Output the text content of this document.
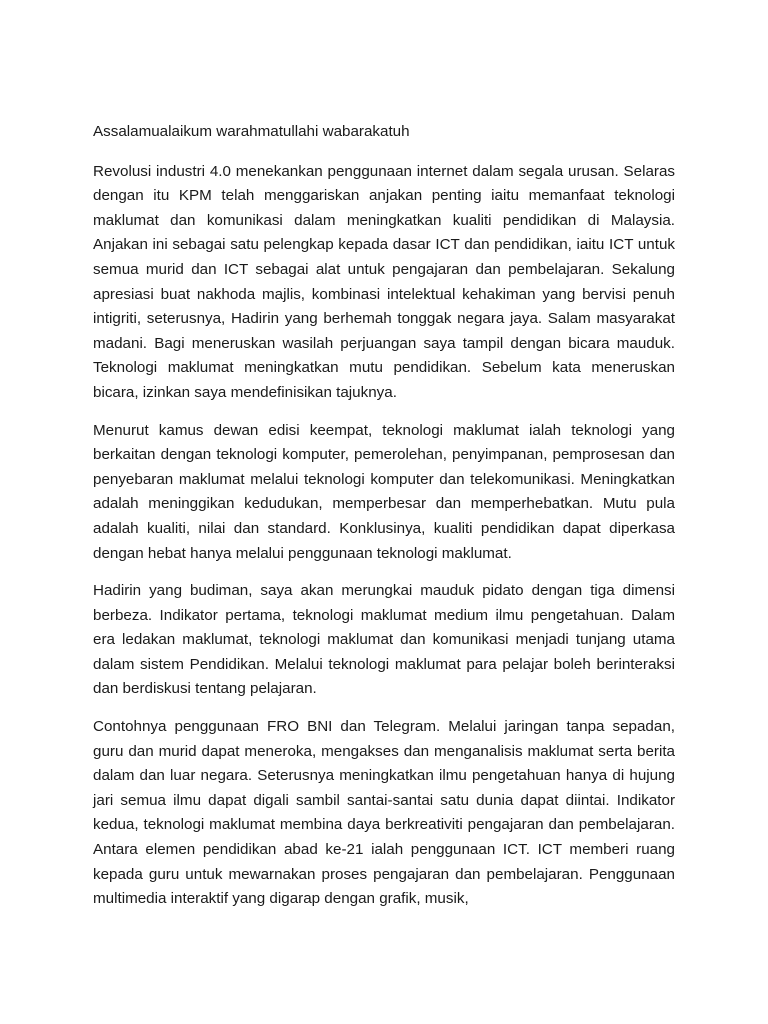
Assalamualaikum warahmatullahi wabarakatuh

Revolusi industri 4.0 menekankan penggunaan internet dalam segala urusan. Selaras dengan itu KPM telah menggariskan anjakan penting iaitu memanfaat teknologi maklumat dan komunikasi dalam meningkatkan kualiti pendidikan di Malaysia. Anjakan ini sebagai satu pelengkap kepada dasar ICT dan pendidikan, iaitu ICT untuk semua murid dan ICT sebagai alat untuk pengajaran dan pembelajaran. Sekalung apresiasi buat nakhoda majlis, kombinasi intelektual kehakiman yang bervisi penuh intigriti, seterusnya, Hadirin yang berhemah tonggak negara jaya. Salam masyarakat madani. Bagi meneruskan wasilah perjuangan saya tampil dengan bicara mauduk. Teknologi maklumat meningkatkan mutu pendidikan. Sebelum kata meneruskan bicara, izinkan saya mendefinisikan tajuknya.

Menurut kamus dewan edisi keempat, teknologi maklumat ialah teknologi yang berkaitan dengan teknologi komputer, pemerolehan, penyimpanan, pemprosesan dan penyebaran maklumat melalui teknologi komputer dan telekomunikasi. Meningkatkan adalah meninggikan kedudukan, memperbesar dan memperhebatkan. Mutu pula adalah kualiti, nilai dan standard. Konklusinya, kualiti pendidikan dapat diperkasa dengan hebat hanya melalui penggunaan teknologi maklumat.

Hadirin yang budiman, saya akan merungkai mauduk pidato dengan tiga dimensi berbeza. Indikator pertama, teknologi maklumat medium ilmu pengetahuan. Dalam era ledakan maklumat, teknologi maklumat dan komunikasi menjadi tunjang utama dalam sistem Pendidikan. Melalui teknologi maklumat para pelajar boleh berinteraksi dan berdiskusi tentang pelajaran.

Contohnya penggunaan FRO BNI dan Telegram. Melalui jaringan tanpa sepadan, guru dan murid dapat meneroka, mengakses dan menganalisis maklumat serta berita dalam dan luar negara. Seterusnya meningkatkan ilmu pengetahuan hanya di hujung jari semua ilmu dapat digali sambil santai-santai satu dunia dapat diintai. Indikator kedua, teknologi maklumat membina daya berkreativiti pengajaran dan pembelajaran. Antara elemen pendidikan abad ke-21 ialah penggunaan ICT. ICT memberi ruang kepada guru untuk mewarnakan proses pengajaran dan pembelajaran. Penggunaan multimedia interaktif yang digarap dengan grafik, musik,
